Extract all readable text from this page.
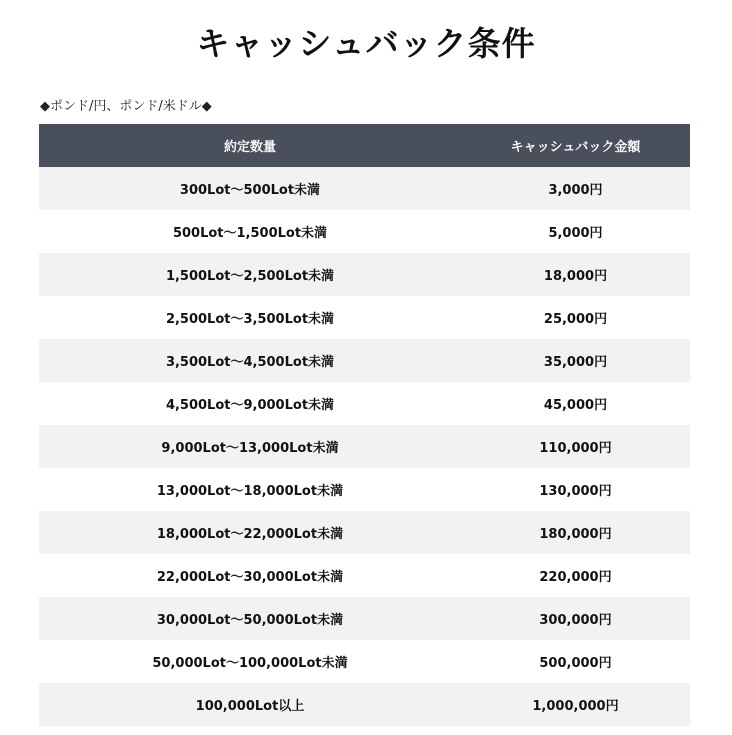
キャッシュバック条件
◆ポンド/円、ポンド/米ドル◆
約定数量	キャッシュバック金額
300Lot～500Lot未満	3,000円
500Lot～1,500Lot未満	5,000円
1,500Lot～2,500Lot未満	18,000円
2,500Lot～3,500Lot未満	25,000円
3,500Lot～4,500Lot未満	35,000円
4,500Lot～9,000Lot未満	45,000円
9,000Lot～13,000Lot未満	110,000円
13,000Lot～18,000Lot未満	130,000円
18,000Lot～22,000Lot未満	180,000円
22,000Lot～30,000Lot未満	220,000円
30,000Lot～50,000Lot未満	300,000円
50,000Lot～100,000Lot未満	500,000円
100,000Lot以上	1,000,000円
